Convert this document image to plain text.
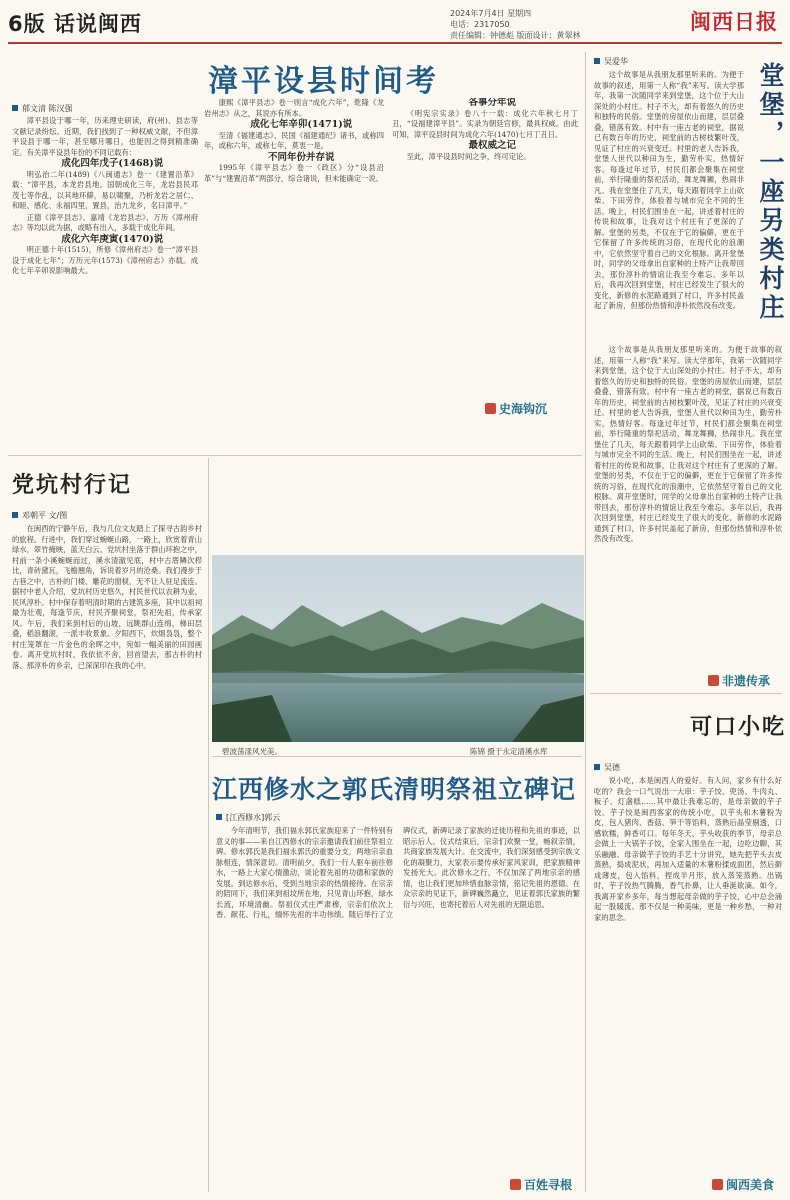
6版 话说闽西	2024年7月4日 星期四
电话：2317050
责任编辑：钟德彪 版面设计：黄翠林
闽西日报
漳平设县时间考
郁文清 陈汉强

漳平县设于哪一年，历来理史研读，府(州)、县志等文献记录纷纭。近期，我们找到了一种权威文献，不但漳平设县于哪一年，甚至哪月哪日，也能因之得到精准确定。有关漳平设县年份的不同记载有：

成化四年戊子(1468)说

明弘治二年(1489)《八闽通志》卷一《建置沿革》载：“漳平县，本龙岩县地。国朝成化三年，龙岩县民邓茂七等作乱，以其地环僻，易以啸聚，乃析龙岩之居仁、和睦、感化、永福四里，置县，治九龙乡，名曰漳平。”

正德《漳平县志》、嘉靖《龙岩县志》、万历《漳州府志》等均以此为据，或略有出入，多载于成化年间。

成化六年庚寅(1470)说

明正德十年(1515)，所修《漳州府志》卷一“漳平县设于成化七年”；万历元年(1573)《漳州府志》亦载。成化七年辛卯说影响最大。

康熙《漳平县志》卷一则言“成化六年”，乾隆《龙岩州志》从之，其说亦有所本。

成化七年辛卯(1471)说

至清《福建通志》、民国《福建通纪》诸书，或称四年，或称六年，或称七年，莫衷一是。

不同年份并存说

1995年《漳平县志》卷一《政区》分“设县沿革”与“建置沿革”两部分，综合诸说，但未能确定一说。

各事分年说

《明宪宗实录》卷八十一载：成化六年秋七月丁丑，“设福建漳平县”。实录为朝廷官修，最具权威。由此可知，漳平设县时间为成化六年(1470)七月丁丑日。

最权威之记

至此，漳平设县时间之争，终可定论。

史海钩沉
党坑村行记
邓朝平 文/图
在闽西的宁静午后，我与几位文友踏上了探寻古韵乡村的旅程。行进中，我们穿过蜿蜒山路，一路上，欣赏着青山绿水，翠竹掩映，蓝天白云。党坑村坐落于群山环抱之中，村前一条小溪蜿蜒而过，溪水清澈见底，村中古厝鳞次栉比，青砖黛瓦，飞檐翘角，诉说着岁月的沧桑。我们漫步于古巷之中，古朴的门楼、雕花的窗棂，无不让人驻足流连。据村中老人介绍，党坑村历史悠久，村民世代以农耕为业，民风淳朴。村中保存着明清时期的古建筑多座，其中以祖祠最为壮观，每逢节庆，村民齐聚祠堂，祭祀先祖，传承家风。午后，我们来到村后的山坡，远眺群山连绵，梯田层叠，稻浪翻滚，一派丰收景象。夕阳西下，炊烟袅袅，整个村庄笼罩在一片金色的余晖之中，宛如一幅美丽的田园画卷。离开党坑村时，我依依不舍，回首望去，那古朴的村落、那淳朴的乡亲，已深深印在我的心中。
碧波荡漾风光美。	陈锦 摄于永定清溪水库
江西修水之郭氏清明祭祖立碑记
[江西修水]郭云
今年清明节，我们福永郭氏家族迎来了一件特别有意义的事——来自江西修水的宗亲邀请我们前往祭祖立碑。修水郭氏是我们福永郭氏的重要分支，两地宗亲血脉相连，情深意切。清明前夕，我们一行人驱车前往修水，一路上大家心情激动，谈论着先祖的功德和家族的发展。到达修水后，受到当地宗亲的热情接待。在宗亲的陪同下，我们来到祖坟所在地，只见青山环抱，绿水长流，环境清幽。祭祖仪式庄严肃穆，宗亲们依次上香、献花、行礼，缅怀先祖的丰功伟绩。随后举行了立碑仪式，新碑记录了家族的迁徙历程和先祖的事迹，以昭示后人。仪式结束后，宗亲们欢聚一堂，畅叙亲情，共商家族发展大计。在交流中，我们深刻感受到宗族文化的凝聚力，大家表示要传承好家风家训，把家族精神发扬光大。此次修水之行，不仅加深了两地宗亲的感情，也让我们更加珍惜血脉亲情，铭记先祖的恩德。在众宗亲的见证下，新碑巍然矗立，见证着郭氏家族的繁衍与兴旺，也寄托着后人对先祖的无限追思。
百姓寻根
吴爱华
堂堡，一座另类村庄
这个故事是从我朋友那里听来的。为便于故事的叙述，用第一人称“我”来写。读大学那年，我第一次随同学来到堂堡，这个位于大山深处的小村庄。村子不大，却有着悠久的历史和独特的民俗。堂堡的房屋依山而建，层层叠叠，错落有致。村中有一座古老的祠堂，据说已有数百年的历史，祠堂前的古树枝繁叶茂，见证了村庄的兴衰变迁。村里的老人告诉我，堂堡人世代以种田为生，勤劳朴实，热情好客。每逢过年过节，村民们都会聚集在祠堂前，举行隆重的祭祀活动，舞龙舞狮，热闹非凡。我在堂堡住了几天，每天跟着同学上山砍柴、下田劳作，体验着与城市完全不同的生活。晚上，村民们围坐在一起，讲述着村庄的传说和故事，让我对这个村庄有了更深的了解。堂堡的另类，不仅在于它的偏僻，更在于它保留了许多传统的习俗，在现代化的浪潮中，它依然坚守着自己的文化根脉。离开堂堡时，同学的父母拿出自家种的土特产让我带回去，那份淳朴的情谊让我至今难忘。多年以后，我再次回到堂堡，村庄已经发生了很大的变化，新修的水泥路通到了村口，许多村民盖起了新房，但那份热情和淳朴依然没有改变。
这个故事是从我朋友那里听来的。为便于故事的叙述，用第一人称“我”来写。读大学那年，我第一次随同学来到堂堡，这个位于大山深处的小村庄。村子不大，却有着悠久的历史和独特的民俗。堂堡的房屋依山而建，层层叠叠，错落有致。村中有一座古老的祠堂，据说已有数百年的历史，祠堂前的古树枝繁叶茂，见证了村庄的兴衰变迁。村里的老人告诉我，堂堡人世代以种田为生，勤劳朴实，热情好客。每逢过年过节，村民们都会聚集在祠堂前，举行隆重的祭祀活动，舞龙舞狮，热闹非凡。我在堂堡住了几天，每天跟着同学上山砍柴、下田劳作，体验着与城市完全不同的生活。晚上，村民们围坐在一起，讲述着村庄的传说和故事，让我对这个村庄有了更深的了解。堂堡的另类，不仅在于它的偏僻，更在于它保留了许多传统的习俗，在现代化的浪潮中，它依然坚守着自己的文化根脉。离开堂堡时，同学的父母拿出自家种的土特产让我带回去，那份淳朴的情谊让我至今难忘。多年以后，我再次回到堂堡，村庄已经发生了很大的变化，新修的水泥路通到了村口，许多村民盖起了新房，但那份热情和淳朴依然没有改变。
非遗传承
可口小吃
吴德
说小吃，本是闽西人的爱好。有人问，家乡有什么好吃的？我会一口气说出一大串：芋子饺、兜汤、牛肉丸、粄子、灯盏糕……其中最让我难忘的，是母亲做的芋子饺。芋子饺是闽西客家的传统小吃，以芋头和木薯粉为皮，包入猪肉、香菇、笋干等馅料，蒸熟后晶莹剔透，口感软糯，鲜香可口。每年冬天，芋头收获的季节，母亲总会做上一大锅芋子饺，全家人围坐在一起，边吃边聊，其乐融融。母亲做芋子饺的手艺十分讲究，她先把芋头去皮蒸熟，捣成泥状，再加入适量的木薯粉揉成面团，然后擀成薄皮，包入馅料，捏成半月形，放入蒸笼蒸熟。出锅时，芋子饺热气腾腾，香气扑鼻，让人垂涎欲滴。如今，我离开家乡多年，每当想起母亲做的芋子饺，心中总会涌起一股暖流。那不仅是一种美味，更是一种乡愁，一种对家的思念。
闽西美食
